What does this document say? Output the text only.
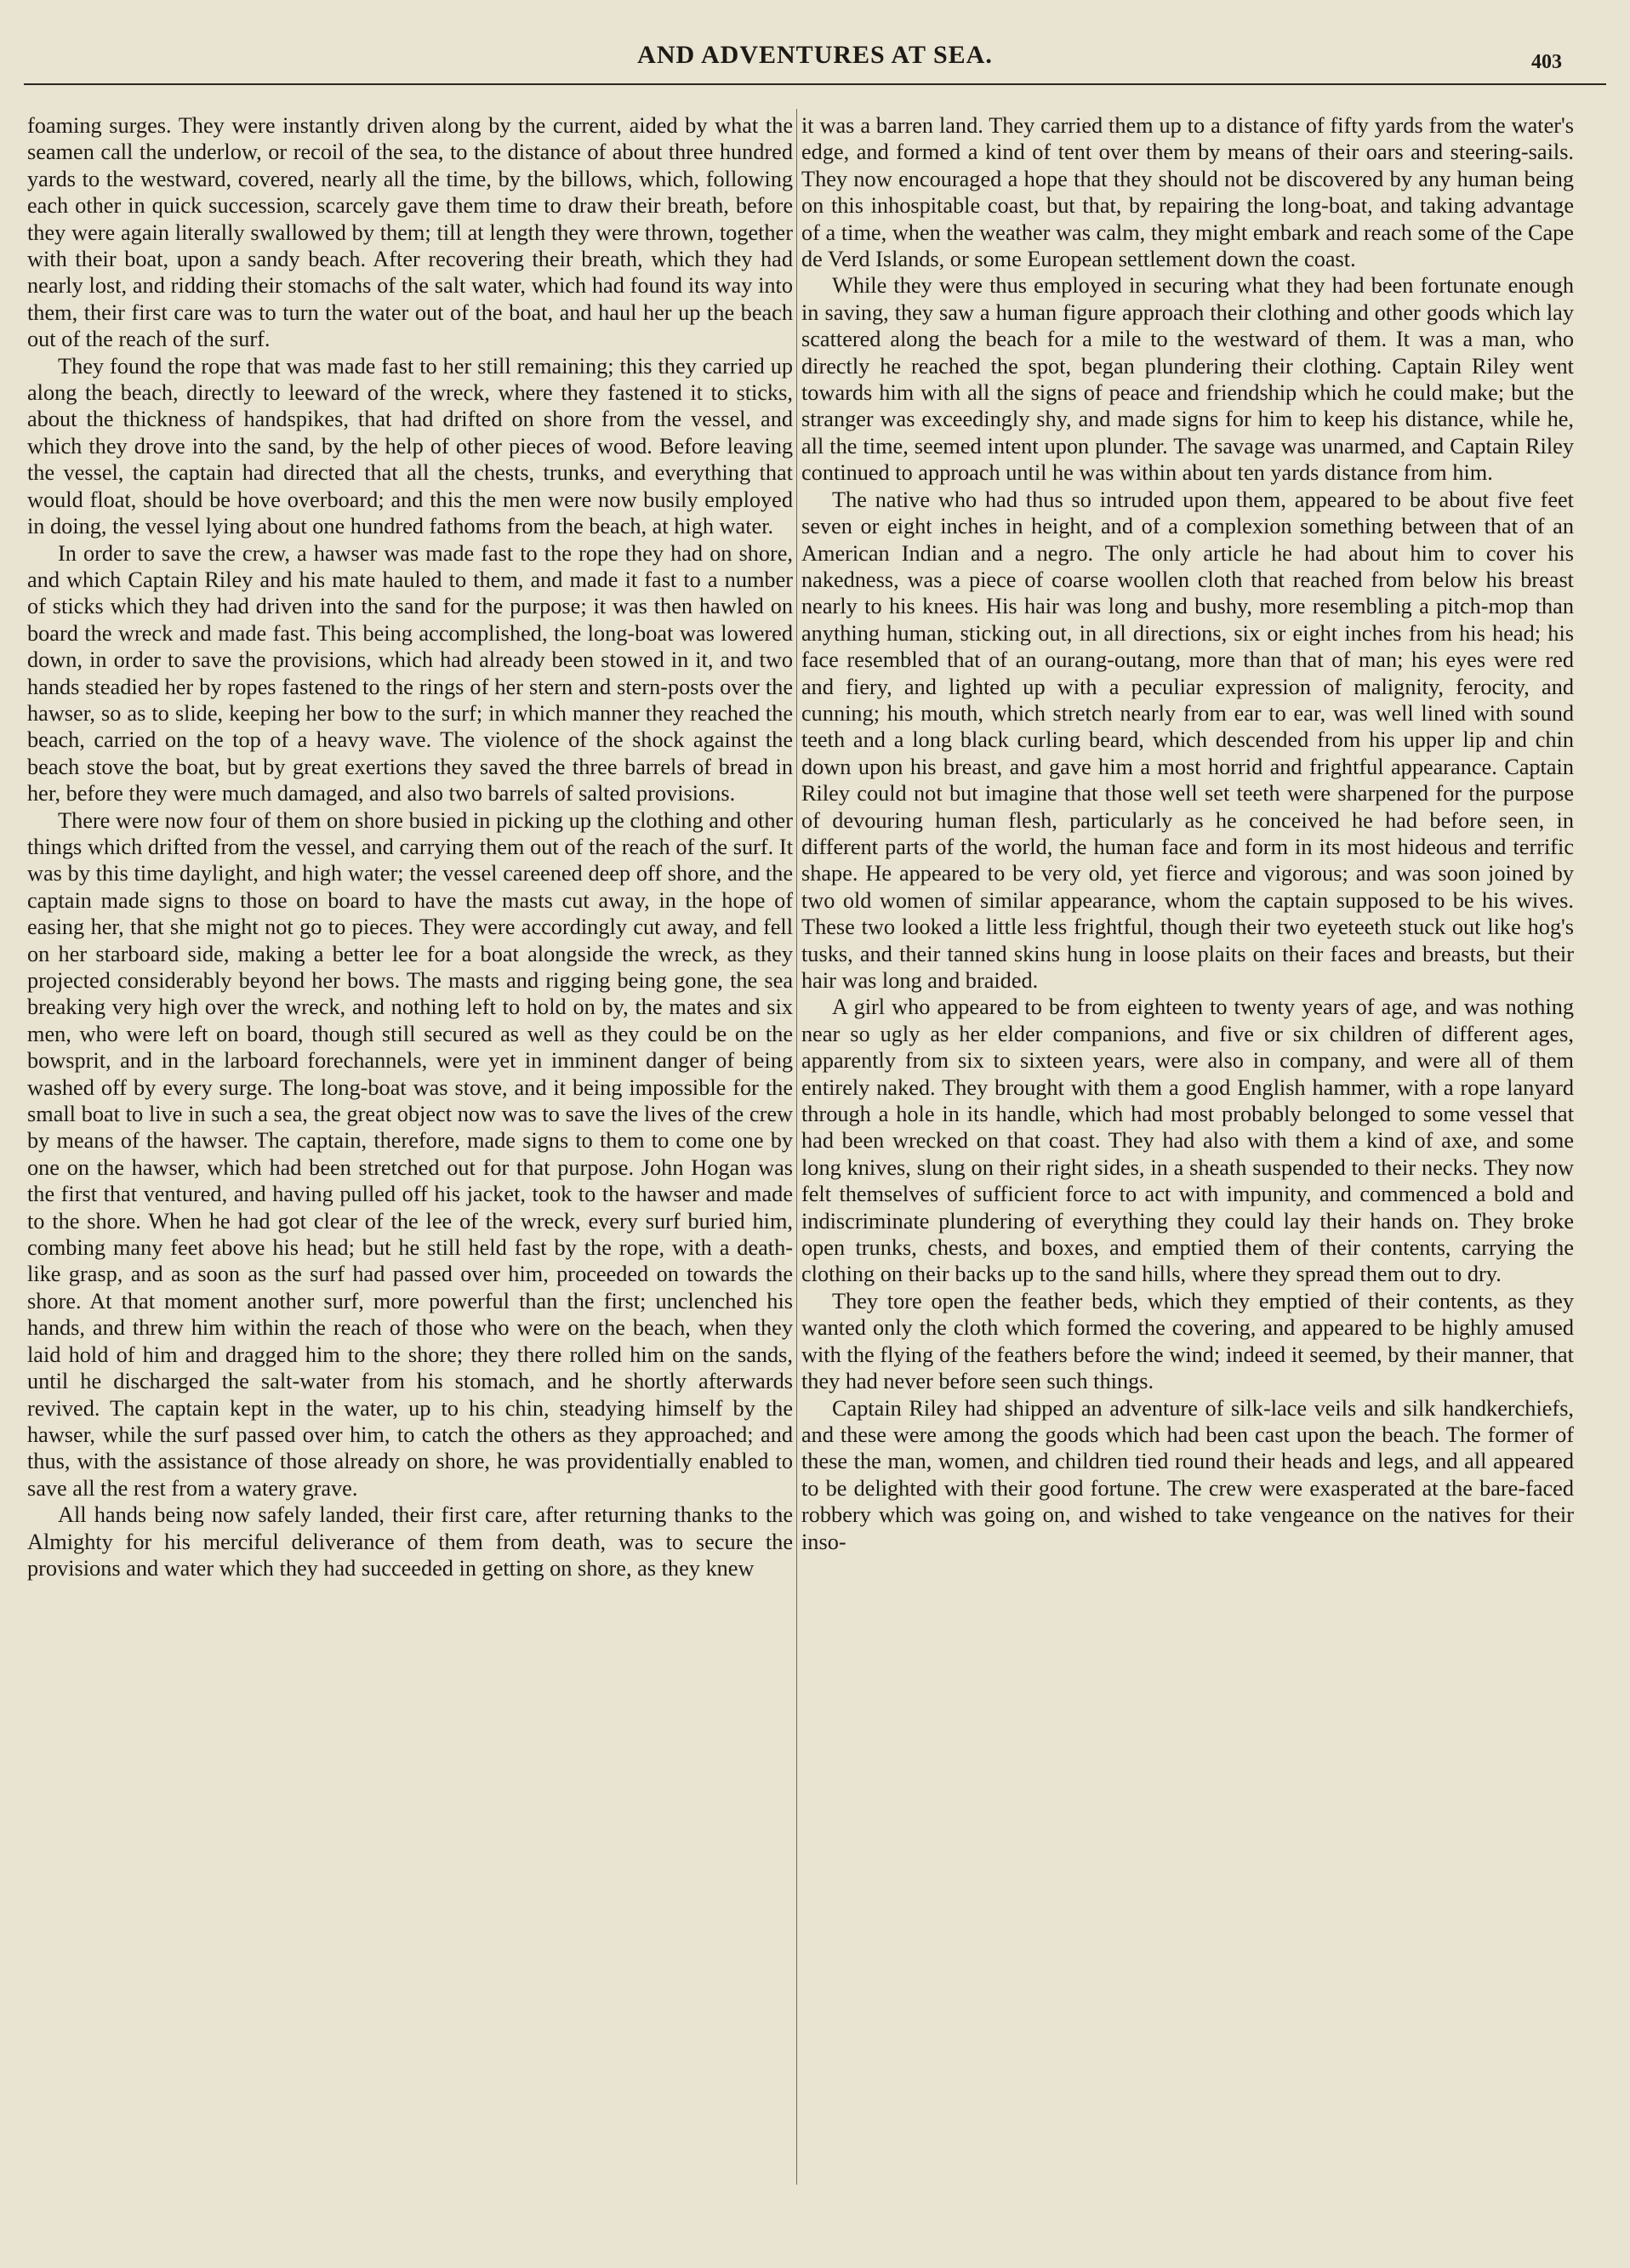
AND ADVENTURES AT SEA.	403

foaming surges. They were instantly driven along by the current, aided by what the seamen call the underlow, or recoil of the sea, to the distance of about three hundred yards to the westward, covered, nearly all the time, by the billows, which, following each other in quick succession, scarcely gave them time to draw their breath, before they were again literally swallowed by them; till at length they were thrown, together with their boat, upon a sandy beach. After recovering their breath, which they had nearly lost, and ridding their stomachs of the salt water, which had found its way into them, their first care was to turn the water out of the boat, and haul her up the beach out of the reach of the surf.

They found the rope that was made fast to her still remaining; this they carried up along the beach, directly to leeward of the wreck, where they fastened it to sticks, about the thickness of handspikes, that had drifted on shore from the vessel, and which they drove into the sand, by the help of other pieces of wood. Before leaving the vessel, the captain had directed that all the chests, trunks, and everything that would float, should be hove overboard; and this the men were now busily employed in doing, the vessel lying about one hundred fathoms from the beach, at high water.

In order to save the crew, a hawser was made fast to the rope they had on shore, and which Captain Riley and his mate hauled to them, and made it fast to a number of sticks which they had driven into the sand for the purpose; it was then hawled on board the wreck and made fast. This being accomplished, the long-boat was lowered down, in order to save the provisions, which had already been stowed in it, and two hands steadied her by ropes fastened to the rings of her stern and stern-posts over the hawser, so as to slide, keeping her bow to the surf; in which manner they reached the beach, carried on the top of a heavy wave. The violence of the shock against the beach stove the boat, but by great exertions they saved the three barrels of bread in her, before they were much damaged, and also two barrels of salted provisions.

There were now four of them on shore busied in picking up the clothing and other things which drifted from the vessel, and carrying them out of the reach of the surf. It was by this time daylight, and high water; the vessel careened deep off shore, and the captain made signs to those on board to have the masts cut away, in the hope of easing her, that she might not go to pieces. They were accordingly cut away, and fell on her starboard side, making a better lee for a boat alongside the wreck, as they projected considerably beyond her bows. The masts and rigging being gone, the sea breaking very high over the wreck, and nothing left to hold on by, the mates and six men, who were left on board, though still secured as well as they could be on the bowsprit, and in the larboard forechannels, were yet in imminent danger of being washed off by every surge. The long-boat was stove, and it being impossible for the small boat to live in such a sea, the great object now was to save the lives of the crew by means of the hawser. The captain, therefore, made signs to them to come one by one on the hawser, which had been stretched out for that purpose. John Hogan was the first that ventured, and having pulled off his jacket, took to the hawser and made to the shore. When he had got clear of the lee of the wreck, every surf buried him, combing many feet above his head; but he still held fast by the rope, with a death-like grasp, and as soon as the surf had passed over him, proceeded on towards the shore. At that moment another surf, more powerful than the first; unclenched his hands, and threw him within the reach of those who were on the beach, when they laid hold of him and dragged him to the shore; they there rolled him on the sands, until he discharged the salt-water from his stomach, and he shortly afterwards revived. The captain kept in the water, up to his chin, steadying himself by the hawser, while the surf passed over him, to catch the others as they approached; and thus, with the assistance of those already on shore, he was providentially enabled to save all the rest from a watery grave.

All hands being now safely landed, their first care, after returning thanks to the Almighty for his merciful deliverance of them from death, was to secure the provisions and water which they had succeeded in getting on shore, as they knew

it was a barren land. They carried them up to a distance of fifty yards from the water's edge, and formed a kind of tent over them by means of their oars and steering-sails. They now encouraged a hope that they should not be discovered by any human being on this inhospitable coast, but that, by repairing the long-boat, and taking advantage of a time, when the weather was calm, they might embark and reach some of the Cape de Verd Islands, or some European settlement down the coast.

While they were thus employed in securing what they had been fortunate enough in saving, they saw a human figure approach their clothing and other goods which lay scattered along the beach for a mile to the westward of them. It was a man, who directly he reached the spot, began plundering their clothing. Captain Riley went towards him with all the signs of peace and friendship which he could make; but the stranger was exceedingly shy, and made signs for him to keep his distance, while he, all the time, seemed intent upon plunder. The savage was unarmed, and Captain Riley continued to approach until he was within about ten yards distance from him.

The native who had thus so intruded upon them, appeared to be about five feet seven or eight inches in height, and of a complexion something between that of an American Indian and a negro. The only article he had about him to cover his nakedness, was a piece of coarse woollen cloth that reached from below his breast nearly to his knees. His hair was long and bushy, more resembling a pitch-mop than anything human, sticking out, in all directions, six or eight inches from his head; his face resembled that of an ourang-outang, more than that of man; his eyes were red and fiery, and lighted up with a peculiar expression of malignity, ferocity, and cunning; his mouth, which stretch nearly from ear to ear, was well lined with sound teeth and a long black curling beard, which descended from his upper lip and chin down upon his breast, and gave him a most horrid and frightful appearance. Captain Riley could not but imagine that those well set teeth were sharpened for the purpose of devouring human flesh, particularly as he conceived he had before seen, in different parts of the world, the human face and form in its most hideous and terrific shape. He appeared to be very old, yet fierce and vigorous; and was soon joined by two old women of similar appearance, whom the captain supposed to be his wives. These two looked a little less frightful, though their two eyeteeth stuck out like hog's tusks, and their tanned skins hung in loose plaits on their faces and breasts, but their hair was long and braided.

A girl who appeared to be from eighteen to twenty years of age, and was nothing near so ugly as her elder companions, and five or six children of different ages, apparently from six to sixteen years, were also in company, and were all of them entirely naked. They brought with them a good English hammer, with a rope lanyard through a hole in its handle, which had most probably belonged to some vessel that had been wrecked on that coast. They had also with them a kind of axe, and some long knives, slung on their right sides, in a sheath suspended to their necks. They now felt themselves of sufficient force to act with impunity, and commenced a bold and indiscriminate plundering of everything they could lay their hands on. They broke open trunks, chests, and boxes, and emptied them of their contents, carrying the clothing on their backs up to the sand hills, where they spread them out to dry.

They tore open the feather beds, which they emptied of their contents, as they wanted only the cloth which formed the covering, and appeared to be highly amused with the flying of the feathers before the wind; indeed it seemed, by their manner, that they had never before seen such things.

Captain Riley had shipped an adventure of silk-lace veils and silk handkerchiefs, and these were among the goods which had been cast upon the beach. The former of these the man, women, and children tied round their heads and legs, and all appeared to be delighted with their good fortune. The crew were exasperated at the bare-faced robbery which was going on, and wished to take vengeance on the natives for their inso-
